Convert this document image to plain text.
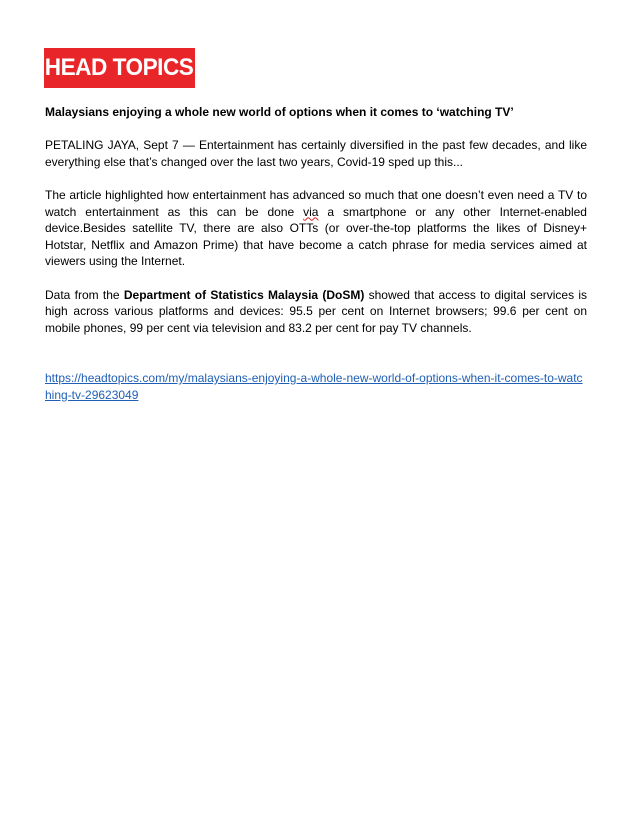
HEAD TOPICS
Malaysians enjoying a whole new world of options when it comes to ‘watching TV’

PETALING JAYA, Sept 7 — Entertainment has certainly diversified in the past few decades, and like everything else that’s changed over the last two years, Covid-19 sped up this...

The article highlighted how entertainment has advanced so much that one doesn’t even need a TV to watch entertainment as this can be done via a smartphone or any other Internet-enabled device.Besides satellite TV, there are also OTTs (or over-the-top platforms the likes of Disney+ Hotstar, Netflix and Amazon Prime) that have become a catch phrase for media services aimed at viewers using the Internet.

Data from the Department of Statistics Malaysia (DoSM) showed that access to digital services is high across various platforms and devices: 95.5 per cent on Internet browsers; 99.6 per cent on mobile phones, 99 per cent via television and 83.2 per cent for pay TV channels.

https://headtopics.com/my/malaysians-enjoying-a-whole-new-world-of-options-when-it-comes-to-watching-tv-29623049
